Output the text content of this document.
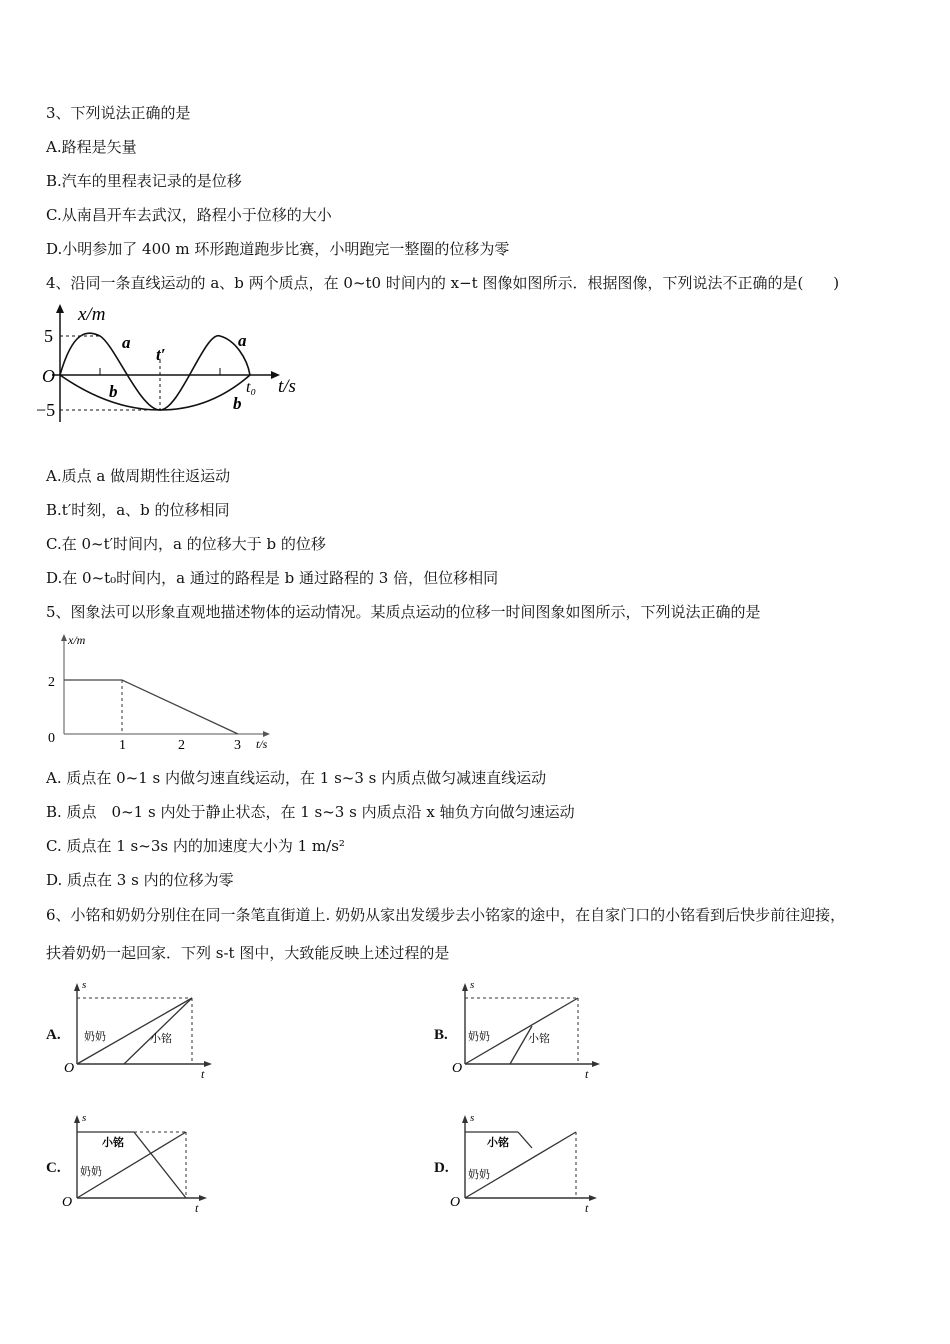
3、下列说法正确的是
A.路程是矢量
B.汽车的里程表记录的是位移
C.从南昌开车去武汉，路程小于位移的大小
D.小明参加了 400 m 环形跑道跑步比赛，小明跑完一整圈的位移为零
4、沿同一条直线运动的 a、b 两个质点，在 0~t0 时间内的 x−t 图像如图所示．根据图像，下列说法不正确的是(　　)
x/m
5
−5
O
a	a
b
b
t′
t₀ t/s
A.质点 a 做周期性往返运动
B.t′时刻，a、b 的位移相同
C.在 0~t′时间内，a 的位移大于 b 的位移
D.在 0~t₀时间内，a 通过的路程是 b 通过路程的 3 倍，但位移相同
5、图象法可以形象直观地描述物体的运动情况。某质点运动的位移一时间图象如图所示，下列说法正确的是
x/m
t/s
0
2
1	2	3
A. 质点在 0~1 s 内做匀速直线运动，在 1 s~3 s 内质点做匀减速直线运动
B. 质点　0~1 s 内处于静止状态，在 1 s~3 s 内质点沿 x 轴负方向做匀速运动
C. 质点在 1 s~3s 内的加速度大小为 1 m/s²
D. 质点在 3 s 内的位移为零
6、小铭和奶奶分别住在同一条笔直街道上. 奶奶从家出发缓步去小铭家的途中，在自家门口的小铭看到后快步前往迎接，
扶着奶奶一起回家．下列 s-t 图中，大致能反映上述过程的是
A. 奶奶	小铭
s
t
O
B. 奶奶	小铭
s
t
O
C.
小铭
奶奶
s
t
O
D.
小铭
奶奶
s
t
O
